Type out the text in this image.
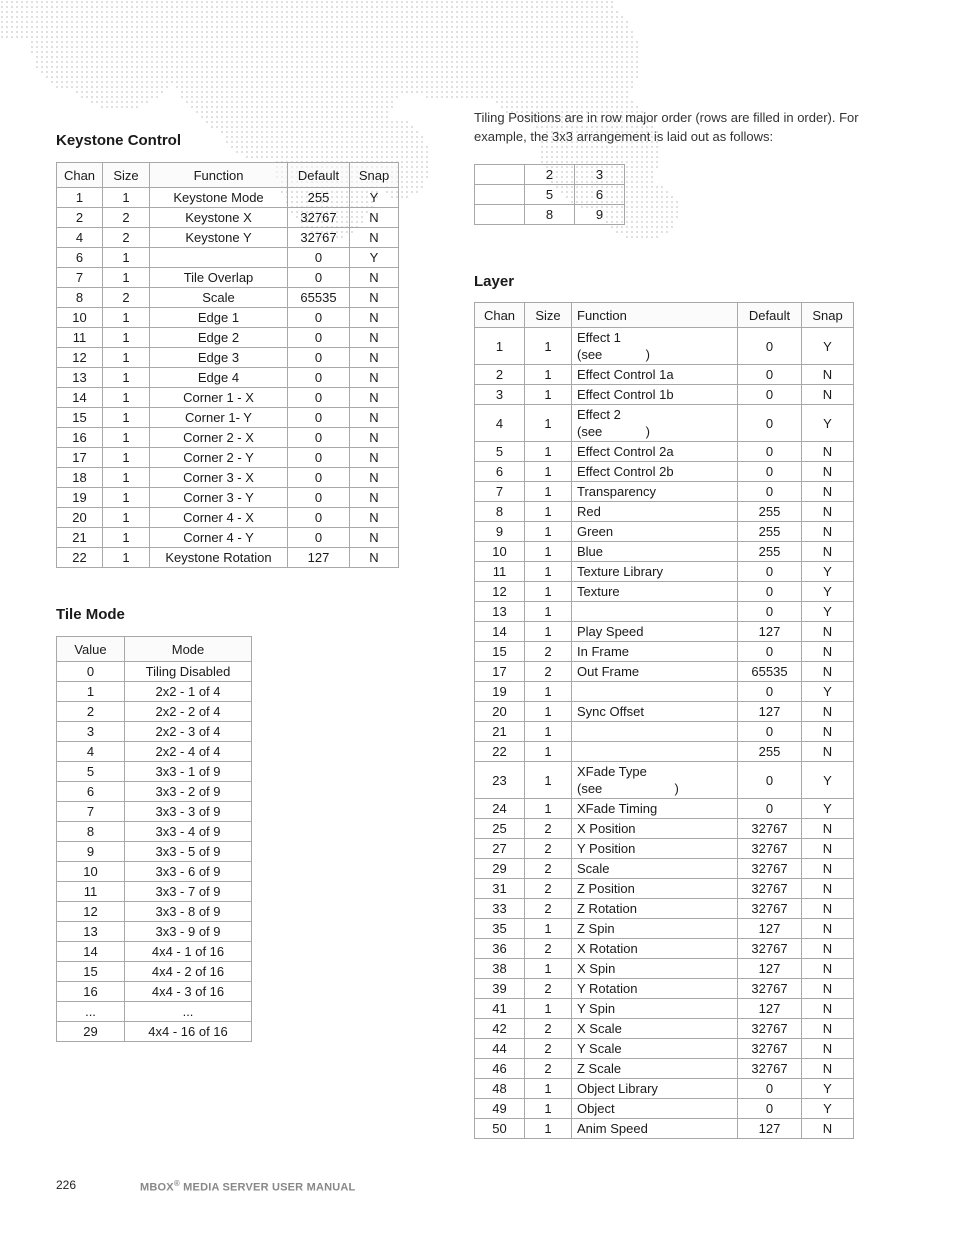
Keystone Control
Chan	Size	Function	Default	Snap
1	1	Keystone Mode	255	Y
2	2	Keystone X	32767	N
4	2	Keystone Y	32767	N
6	1		0	Y
7	1	Tile Overlap	0	N
8	2	Scale	65535	N
10	1	Edge 1	0	N
11	1	Edge 2	0	N
12	1	Edge 3	0	N
13	1	Edge 4	0	N
14	1	Corner 1 - X	0	N
15	1	Corner 1- Y	0	N
16	1	Corner 2 - X	0	N
17	1	Corner 2 - Y	0	N
18	1	Corner 3 - X	0	N
19	1	Corner 3 - Y	0	N
20	1	Corner 4 - X	0	N
21	1	Corner 4 - Y	0	N
22	1	Keystone Rotation	127	N
Tile Mode
Value	Mode
0	Tiling Disabled
1	2x2 - 1 of 4
2	2x2 - 2 of 4
3	2x2 - 3 of 4
4	2x2 - 4 of 4
5	3x3 - 1 of 9
6	3x3 - 2 of 9
7	3x3 - 3 of 9
8	3x3 - 4 of 9
9	3x3 - 5 of 9
10	3x3 - 6 of 9
11	3x3 - 7 of 9
12	3x3 - 8 of 9
13	3x3 - 9 of 9
14	4x4 - 1 of 16
15	4x4 - 2 of 16
16	4x4 - 3 of 16
...	...
29	4x4 - 16 of 16

Tiling Positions are in row major order (rows are filled in order). For example, the 3x3 arrangement is laid out as follows:

	2	3
	5	6
	8	9
Layer
Chan	Size	Function	Default	Snap
1	1	Effect 1
(see            )	0	Y
2	1	Effect Control 1a	0	N
3	1	Effect Control 1b	0	N
4	1	Effect 2
(see            )	0	Y
5	1	Effect Control 2a	0	N
6	1	Effect Control 2b	0	N
7	1	Transparency	0	N
8	1	Red	255	N
9	1	Green	255	N
10	1	Blue	255	N
11	1	Texture Library	0	Y
12	1	Texture	0	Y
13	1		0	Y
14	1	Play Speed	127	N
15	2	In Frame	0	N
17	2	Out Frame	65535	N
19	1		0	Y
20	1	Sync Offset	127	N
21	1		0	N
22	1		255	N
23	1	XFade Type
(see                    )	0	Y
24	1	XFade Timing	0	Y
25	2	X Position	32767	N
27	2	Y Position	32767	N
29	2	Scale	32767	N
31	2	Z Position	32767	N
33	2	Z Rotation	32767	N
35	1	Z Spin	127	N
36	2	X Rotation	32767	N
38	1	X Spin	127	N
39	2	Y Rotation	32767	N
41	1	Y Spin	127	N
42	2	X Scale	32767	N
44	2	Y Scale	32767	N
46	2	Z Scale	32767	N
48	1	Object Library	0	Y
49	1	Object	0	Y
50	1	Anim Speed	127	N
226	MBOX® MEDIA SERVER USER MANUAL
